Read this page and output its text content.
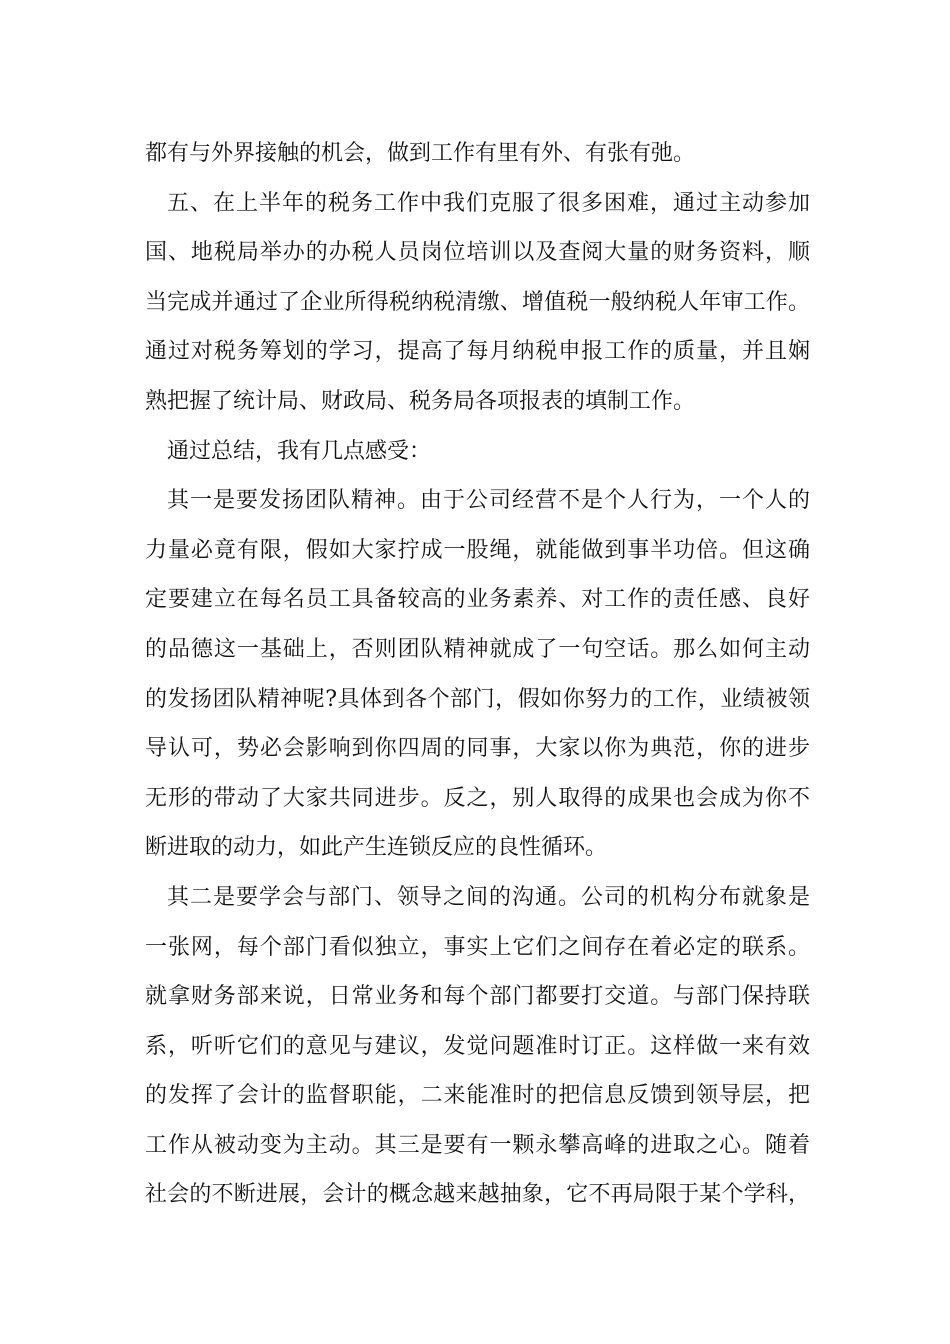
都有与外界接触的机会，做到工作有里有外、有张有弛。
五、在上半年的税务工作中我们克服了很多困难，通过主动参加
国、地税局举办的办税人员岗位培训以及查阅大量的财务资料，顺
当完成并通过了企业所得税纳税清缴、增值税一般纳税人年审工作。
通过对税务筹划的学习，提高了每月纳税申报工作的质量，并且娴
熟把握了统计局、财政局、税务局各项报表的填制工作。
通过总结，我有几点感受：
其一是要发扬团队精神。由于公司经营不是个人行为，一个人的
力量必竟有限，假如大家拧成一股绳，就能做到事半功倍。但这确
定要建立在每名员工具备较高的业务素养、对工作的责任感、良好
的品德这一基础上，否则团队精神就成了一句空话。那么如何主动
的发扬团队精神呢?具体到各个部门，假如你努力的工作，业绩被领
导认可，势必会影响到你四周的同事，大家以你为典范，你的进步
无形的带动了大家共同进步。反之，别人取得的成果也会成为你不
断进取的动力，如此产生连锁反应的良性循环。
其二是要学会与部门、领导之间的沟通。公司的机构分布就象是
一张网，每个部门看似独立，事实上它们之间存在着必定的联系。
就拿财务部来说，日常业务和每个部门都要打交道。与部门保持联
系，听听它们的意见与建议，发觉问题准时订正。这样做一来有效
的发挥了会计的监督职能，二来能准时的把信息反馈到领导层，把
工作从被动变为主动。其三是要有一颗永攀高峰的进取之心。随着
社会的不断进展，会计的概念越来越抽象，它不再局限于某个学科，
